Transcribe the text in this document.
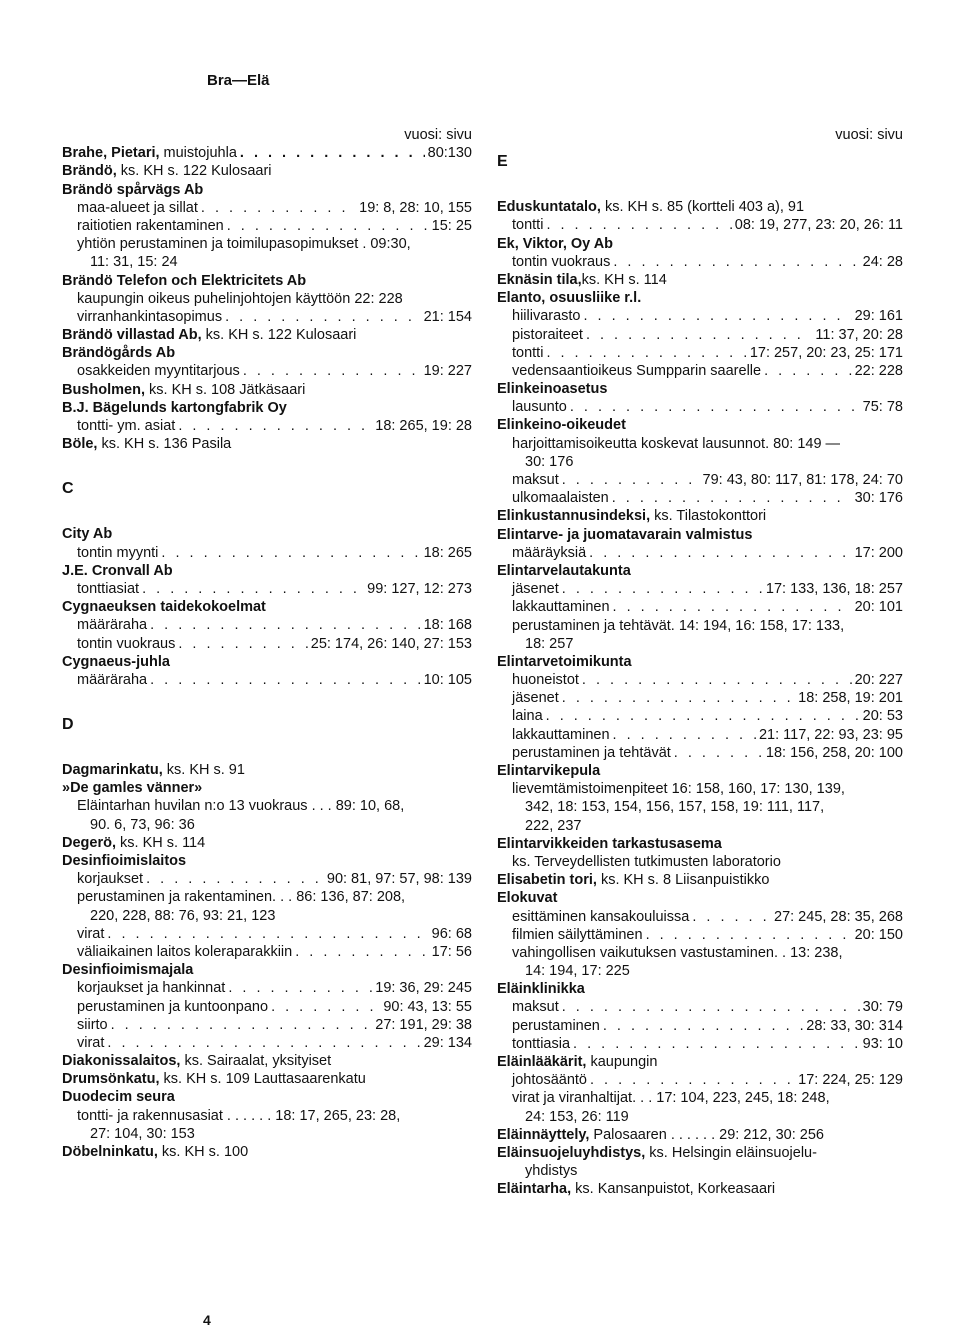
Bra—Elä
vuosi: sivu
Brahe, Pietari, muistojuhla . . .	80:130
Brändö, ks. KH s. 122 Kulosaari
Brändö spårvägs Ab
maa-alueet ja sillat . . .	19: 8, 28: 10, 155
raitiotien rakentaminen . . .	15: 25
yhtiön perustaminen ja toimilupasopimukset . 09:30,
11: 31, 15: 24
Brändö Telefon och Elektricitets Ab
kaupungin oikeus puhelinjohtojen käyttöön 22: 228
virranhankintasopimus . . .	21: 154
Brändö villastad Ab, ks. KH s. 122 Kulosaari
Brändögårds Ab
osakkeiden myyntitarjous . . .	19: 227
Busholmen, ks. KH s. 108 Jätkäsaari
B.J. Bägelunds kartongfabrik Oy
tontti- ym. asiat . . .	18: 265, 19: 28
Böle, ks. KH s. 136 Pasila
C
City Ab
tontin myynti . . .	18: 265
J.E. Cronvall Ab
tonttiasiat . . .	99: 127, 12: 273
Cygnaeuksen taidekokoelmat
määräraha . . .	18: 168
tontin vuokraus . . .	25: 174, 26: 140, 27: 153
Cygnaeus-juhla
määräraha . . .	10: 105
D
Dagmarinkatu, ks. KH s. 91
»De gamles vänner»
Eläintarhan huvilan n:o 13 vuokraus . . . 89: 10, 68,
90. 6, 73, 96: 36
Degerö, ks. KH s. 114
Desinfioimislaitos
korjaukset . . .	90: 81, 97: 57, 98: 139
perustaminen ja rakentaminen. . . 86: 136, 87: 208,
220, 228, 88: 76, 93: 21, 123
virat . . .	96: 68
väliaikainen laitos koleraparakkiin . . .	17: 56
Desinfioimismajala
korjaukset ja hankinnat . . .	19: 36, 29: 245
perustaminen ja kuntoonpano . . .	90: 43, 13: 55
siirto . . .	27: 191, 29: 38
virat . . .	29: 134
Diakonissalaitos, ks. Sairaalat, yksityiset
Drumsönkatu, ks. KH s. 109 Lauttasaarenkatu
Duodecim seura
tontti- ja rakennusasiat . . . . . . 18: 17, 265, 23: 28,
27: 104, 30: 153
Döbelninkatu, ks. KH s. 100
vuosi: sivu
E
Eduskuntatalo, ks. KH s. 85 (kortteli 403 a), 91
tontti . . .	08: 19, 277, 23: 20, 26: 11
Ek, Viktor, Oy Ab
tontin vuokraus . . .	24: 28
Eknäsin tila,ks. KH s. 114
Elanto, osuusliike r.l.
hiilivarasto . . .	29: 161
pistoraiteet . . .	11: 37, 20: 28
tontti . . .	17: 257, 20: 23, 25: 171
vedensaantioikeus Sumpparin saarelle . . .	22: 228
Elinkeinoasetus
lausunto . . .	75: 78
Elinkeino-oikeudet
harjoittamisoikeutta koskevat lausunnot. 80: 149 —
30: 176
maksut . . .	79: 43, 80: 117, 81: 178, 24: 70
ulkomaalaisten . . .	30: 176
Elinkustannusindeksi, ks. Tilastokonttori
Elintarve- ja juomatavarain valmistus
määräyksiä . . .	17: 200
Elintarvelautakunta
jäsenet . . .	17: 133, 136, 18: 257
lakkauttaminen . . .	20: 101
perustaminen ja tehtävät. 14: 194, 16: 158, 17: 133,
18: 257
Elintarvetoimikunta
huoneistot . . .	20: 227
jäsenet . . .	18: 258, 19: 201
laina . . .	20: 53
lakkauttaminen . . .	21: 117, 22: 93, 23: 95
perustaminen ja tehtävät . . .	18: 156, 258, 20: 100
Elintarvikepula
lievemtämistoimenpiteet 16: 158, 160, 17: 130, 139,
342, 18: 153, 154, 156, 157, 158, 19: 111, 117,
222, 237
Elintarvikkeiden tarkastusasema
ks. Terveydellisten tutkimusten laboratorio
Elisabetin tori, ks. KH s. 8 Liisanpuistikko
Elokuvat
esittäminen kansakouluissa . . .	27: 245, 28: 35, 268
filmien säilyttäminen . . .	20: 150
vahingollisen vaikutuksen vastustaminen. . 13: 238,
14: 194, 17: 225
Eläinklinikka
maksut . . .	30: 79
perustaminen . . .	28: 33, 30: 314
tonttiasia . . .	93: 10
Eläinlääkärit, kaupungin
johtosääntö . . .	17: 224, 25: 129
virat ja viranhaltijat. . . 17: 104, 223, 245, 18: 248,
24: 153, 26: 119
Eläinnäyttely, Palosaaren . . . . . . 29: 212, 30: 256
Eläinsuojeluyhdistys, ks. Helsingin eläinsuojelu-
yhdistys
Eläintarha, ks. Kansanpuistot, Korkeasaari
4
